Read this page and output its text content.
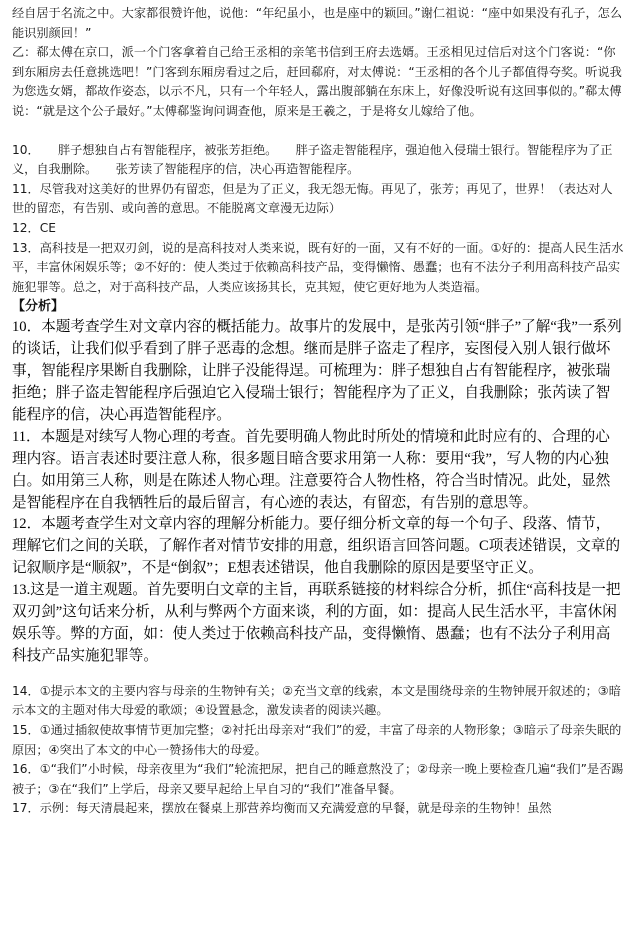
经自居于名流之中。大家都很赞许他，说他：“年纪虽小，也是座中的颖回。”谢仁祖说：“座中如果没有孔子，怎么能识别颜回！”

乙：郗太傅在京口，派一个门客拿着自己给王丞相的亲笔书信到王府去选婿。王丞相见过信后对这个门客说：“你到东厢房去任意挑选吧！”门客到东厢房看过之后，赶回郗府，对太傅说：“王丞相的各个儿子都值得夸奖。听说我为您选女婿，都故作姿态，以示不凡，只有一个年轻人，露出腹部躺在东床上，好像没听说有这回事似的。”郗太傅说：“就是这个公子最好。”太傅郗鉴询问调查他，原来是王羲之，于是将女儿嫁给了他。

10．　　胖子想独自占有智能程序，被张芳拒绝。　　胖子盗走智能程序，强迫他入侵瑞士银行。智能程序为了正义，自我删除。　　张芳读了智能程序的信，决心再造智能程序。

11．尽管我对这美好的世界仍有留恋，但是为了正义，我无怨无悔。再见了，张芳；再见了，世界！（表达对人世的留恋，有告别、或向善的意思。不能脱离文章漫无边际）

12．CE

13．高科技是一把双刃剑，说的是高科技对人类来说，既有好的一面，又有不好的一面。①好的：提高人民生活水平，丰富休闲娱乐等；②不好的：使人类过于依赖高科技产品，变得懒惰、愚蠢；也有不法分子利用高科技产品实施犯罪等。总之，对于高科技产品，人类应该扬其长，克其短，使它更好地为人类造福。

【分析】

10．本题考查学生对文章内容的概括能力。故事片的发展中，是张芮引领“胖子”了解“我”一系列的谈话，让我们似乎看到了胖子恶毒的念想。继而是胖子盗走了程序，妄图侵入别人银行做坏事，智能程序果断自我删除，让胖子没能得逞。可梳理为：胖子想独自占有智能程序，被张瑞拒绝；胖子盗走智能程序后强迫它入侵瑞士银行；智能程序为了正义，自我删除；张芮读了智能程序的信，决心再造智能程序。

11．本题是对续写人物心理的考查。首先要明确人物此时所处的情境和此时应有的、合理的心理内容。语言表述时要注意人称，很多题目暗含要求用第一人称：要用“我”，写人物的内心独白。如用第三人称，则是在陈述人物心理。注意要符合人物性格，符合当时情况。此处，显然是智能程序在自我牺牲后的最后留言，有心迹的表达，有留恋，有告别的意思等。

12．本题考查学生对文章内容的理解分析能力。要仔细分析文章的每一个句子、段落、情节，理解它们之间的关联，了解作者对情节安排的用意，组织语言回答问题。C项表述错误，文章的记叙顺序是“顺叙”，不是“倒叙”；E想表述错误，他自我删除的原因是要坚守正义。

13.这是一道主观题。首先要明白文章的主旨，再联系链接的材料综合分析，抓住“高科技是一把双刃剑”这句话来分析，从利与弊两个方面来谈，利的方面，如：提高人民生活水平，丰富休闲娱乐等。弊的方面，如：使人类过于依赖高科技产品，变得懒惰、愚蠢；也有不法分子利用高科技产品实施犯罪等。

14．①提示本文的主要内容与母亲的生物钟有关；②充当文章的线索，本文是围绕母亲的生物钟展开叙述的；③暗示本文的主题对伟大母爱的歌颂；④设置悬念，激发读者的阅读兴趣。

15．①通过插叙使故事情节更加完整；②衬托出母亲对“我们”的爱，丰富了母亲的人物形象；③暗示了母亲失眠的原因；④突出了本文的中心一赞扬伟大的母爱。

16．①“我们”小时候，母亲夜里为“我们”轮流把尿，把自己的睡意熬没了；②母亲一晚上要检查几遍“我们”是否踢被子；③在“我们”上学后，母亲又要早起给上早自习的“我们”准备早餐。

17．示例：每天清晨起来，摆放在餐桌上那营养均衡而又充满爱意的早餐，就是母亲的生物钟！虽然
